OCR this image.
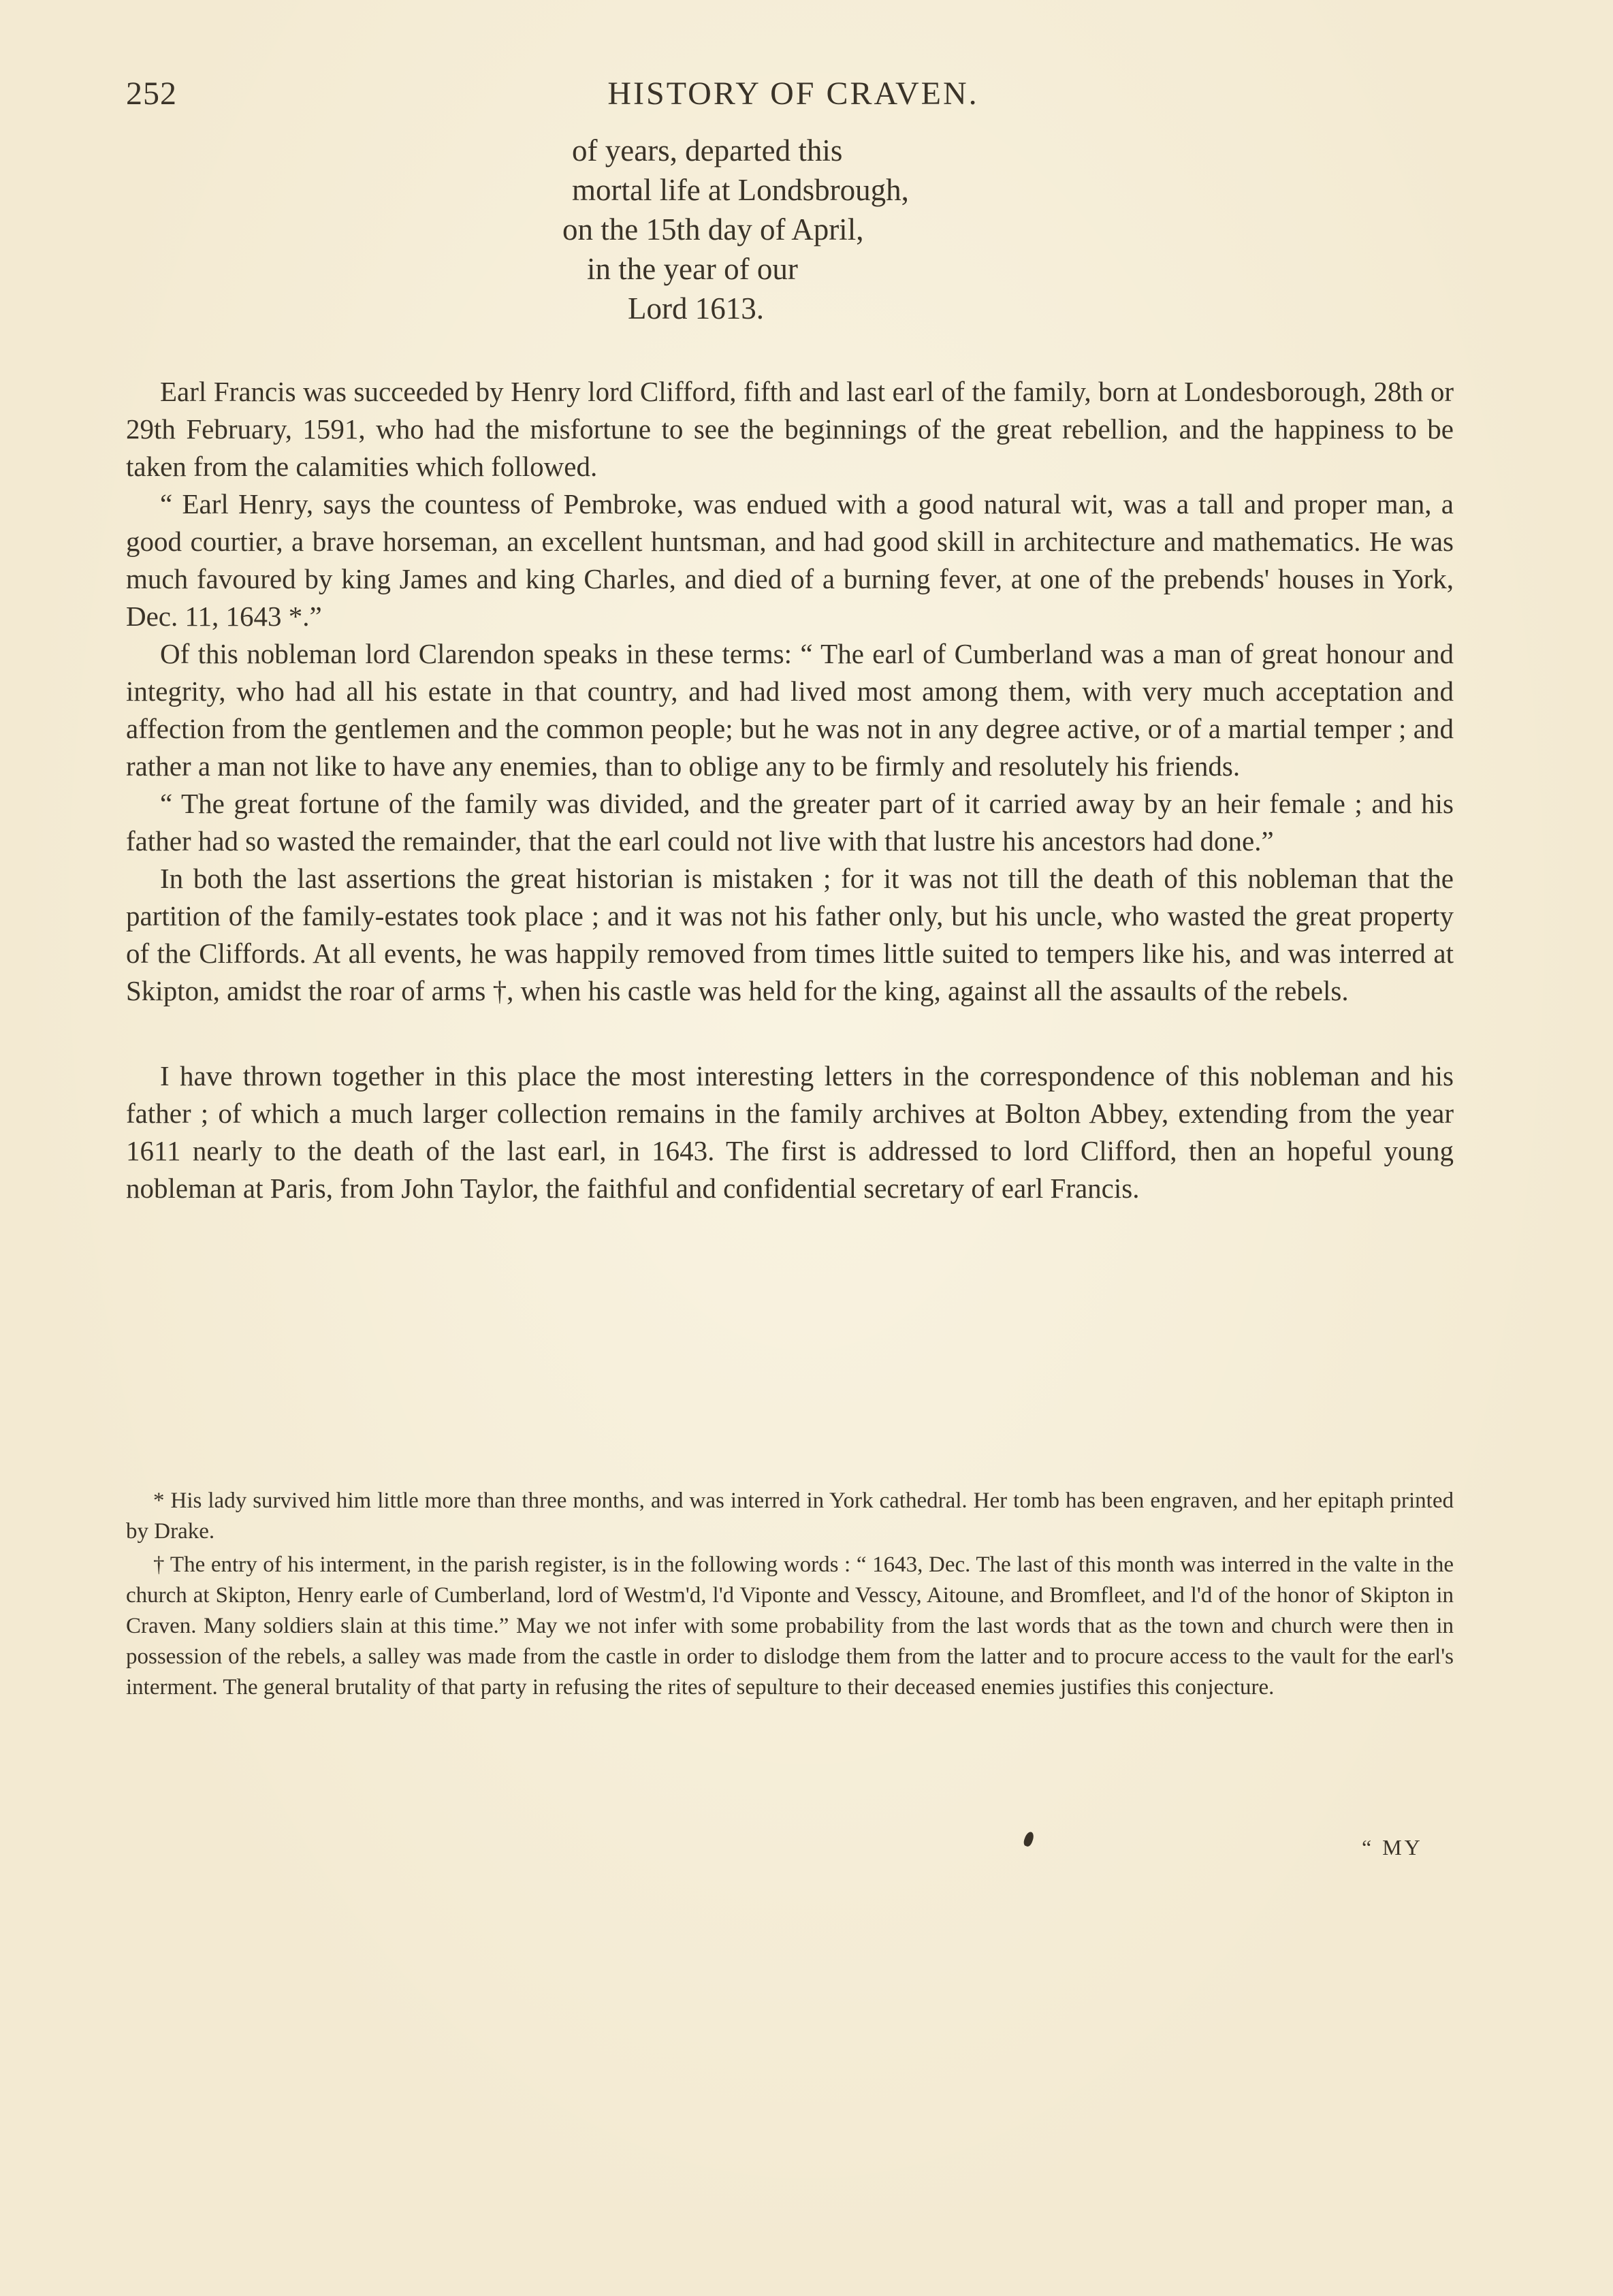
252	HISTORY OF CRAVEN.
of years, departed this
mortal life at Londsbrough,
on the 15th day of April,
in the year of our
Lord 1613.

Earl Francis was succeeded by Henry lord Clifford, fifth and last earl of the family, born at Londesborough, 28th or 29th February, 1591, who had the misfortune to see the beginnings of the great rebellion, and the happiness to be taken from the calamities which followed.

“ Earl Henry, says the countess of Pembroke, was endued with a good natural wit, was a tall and proper man, a good courtier, a brave horseman, an excellent huntsman, and had good skill in architecture and mathematics. He was much favoured by king James and king Charles, and died of a burning fever, at one of the prebends' houses in York, Dec. 11, 1643 *.”

Of this nobleman lord Clarendon speaks in these terms: “ The earl of Cumberland was a man of great honour and integrity, who had all his estate in that country, and had lived most among them, with very much acceptation and affection from the gentlemen and the common people; but he was not in any degree active, or of a martial temper ; and rather a man not like to have any enemies, than to oblige any to be firmly and resolutely his friends.

“ The great fortune of the family was divided, and the greater part of it carried away by an heir female ; and his father had so wasted the remainder, that the earl could not live with that lustre his ancestors had done.”

In both the last assertions the great historian is mistaken ; for it was not till the death of this nobleman that the partition of the family-estates took place ; and it was not his father only, but his uncle, who wasted the great property of the Cliffords. At all events, he was happily removed from times little suited to tempers like his, and was interred at Skipton, amidst the roar of arms †, when his castle was held for the king, against all the assaults of the rebels.

I have thrown together in this place the most interesting letters in the correspondence of this nobleman and his father ; of which a much larger collection remains in the family archives at Bolton Abbey, extending from the year 1611 nearly to the death of the last earl, in 1643. The first is addressed to lord Clifford, then an hopeful young nobleman at Paris, from John Taylor, the faithful and confidential secretary of earl Francis.

* His lady survived him little more than three months, and was interred in York cathedral. Her tomb has been engraven, and her epitaph printed by Drake.

† The entry of his interment, in the parish register, is in the following words : “ 1643, Dec. The last of this month was interred in the valte in the church at Skipton, Henry earle of Cumberland, lord of Westm'd, l'd Viponte and Vesscy, Aitoune, and Bromfleet, and l'd of the honor of Skipton in Craven. Many soldiers slain at this time.” May we not infer with some probability from the last words that as the town and church were then in possession of the rebels, a salley was made from the castle in order to dislodge them from the latter and to procure access to the vault for the earl's interment. The general brutality of that party in refusing the rites of sepulture to their deceased enemies justifies this conjecture.

“ MY
